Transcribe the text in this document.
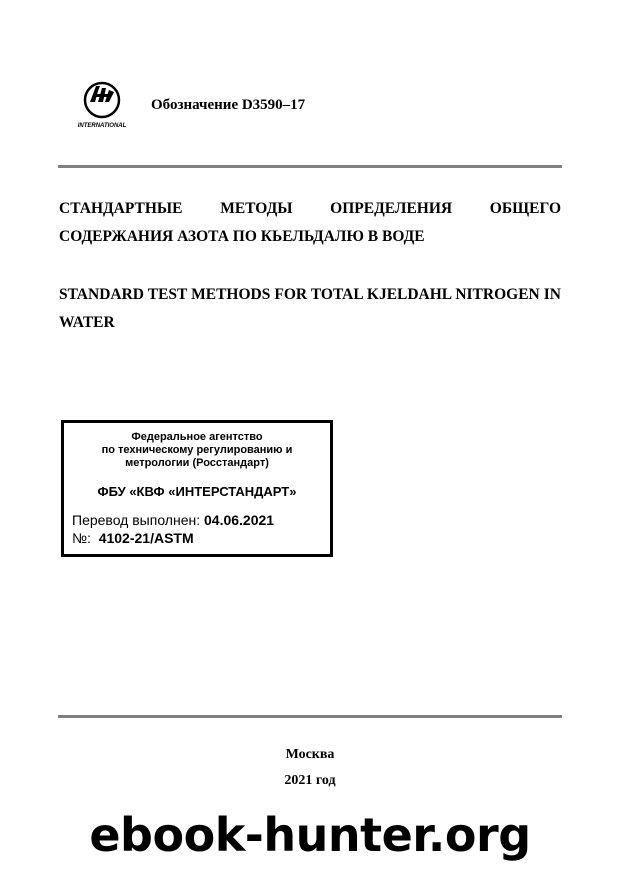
INTERNATIONAL
Обозначение D3590–17
СТАНДАРТНЫЕ МЕТОДЫ ОПРЕДЕЛЕНИЯ ОБЩЕГО СОДЕРЖАНИЯ АЗОТА ПО КЬЕЛЬДАЛЮ В ВОДЕ
STANDARD TEST METHODS FOR TOTAL KJELDAHL NITROGEN IN WATER
Федеральное агентство
по техническому регулированию и
метрологии (Росстандарт)
ФБУ «КВФ «ИНТЕРСТАНДАРТ»
Перевод выполнен: 04.06.2021
№: 4102-21/ASTM
Москва
2021 год
ebook-hunter.org
